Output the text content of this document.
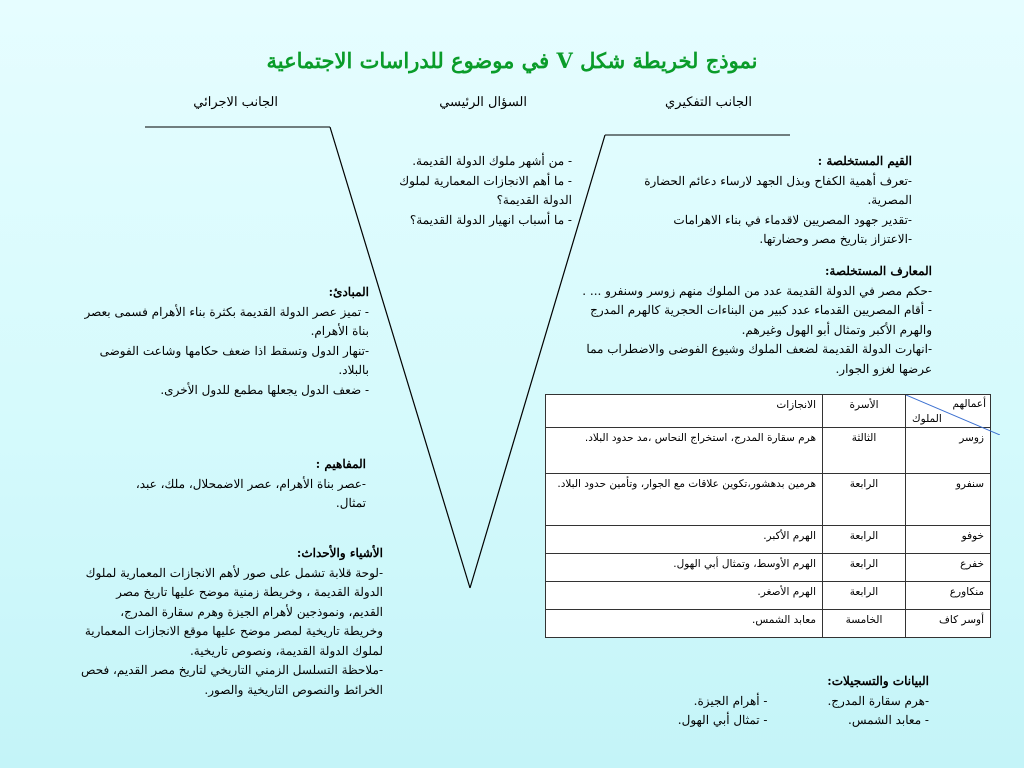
نموذج لخريطة شكل V في موضوع للدراسات الاجتماعية
الجانب التفكيري
السؤال الرئيسي
الجانب الاجرائي
- من أشهر ملوك الدولة القديمة.
- ما أهم الانجازات المعمارية لملوك الدولة القديمة؟
- ما أسباب انهيار الدولة القديمة؟
القيم المستخلصة :
-تعرف أهمية الكفاح وبذل الجهد لارساء دعائم الحضارة المصرية.
-تقدير جهود المصريين لاقدماء في بناء الاهرامات
-الاعتزاز بتاريخ مصر وحضارتها.
المعارف المستخلصة:
-حكم مصر في الدولة القديمة عدد من الملوك منهم زوسر وسنفرو ... .
- أقام المصريين القدماء عدد كبير من البناءات الحجرية كالهرم المدرج والهرم الأكبر وتمثال أبو الهول وغيرهم.
-انهارت الدولة القديمة لضعف الملوك وشيوع الفوضى والاضطراب مما عرضها لغزو الجوار.
المبادئ:
- تميز عصر الدولة القديمة بكثرة بناء الأهرام فسمى بعصر بناة الأهرام.
-تنهار الدول وتسقط اذا ضعف حكامها وشاعت الفوضى بالبلاد.
- ضعف الدول يجعلها مطمع للدول الأخرى.
المفاهيم :
-عصر بناة الأهرام، عصر الاضمحلال، ملك، عبد، تمثال.
الأشياء والأحداث:
-لوحة قلابة تشمل على صور لأهم الانجازات المعمارية لملوك الدولة القديمة ، وخريطة زمنية موضح عليها تاريخ مصر القديم، ونموذجين لأهرام الجيزة وهرم سقارة المدرج، وخريطة تاريخية لمصر موضح عليها موقع الانجازات المعمارية لملوك الدولة القديمة، ونصوص تاريخية.
-ملاحظة التسلسل الزمني التاريخي لتاريخ مصر القديم، فحص الخرائط والنصوص التاريخية والصور.
أعمالهم
الملوك	الأسرة	الانجازات
زوسر	الثالثة	هرم سقارة المدرج، استخراج النحاس ،مد حدود البلاد.
سنفرو	الرابعة	هرمين بدهشور،تكوين علاقات مع الجوار، وتأمين حدود البلاد.
خوفو	الرابعة	الهرم الأكبر.
خفرع	الرابعة	الهرم الأوسط، وتمثال أبي الهول.
منكاورع	الرابعة	الهرم الأصغر.
أوسر كاف	الخامسة	معابد الشمس.
البيانات والتسجيلات:
-هرم سقارة المدرج.
- معابد الشمس.
- أهرام الجيزة.
- تمثال أبي الهول.
